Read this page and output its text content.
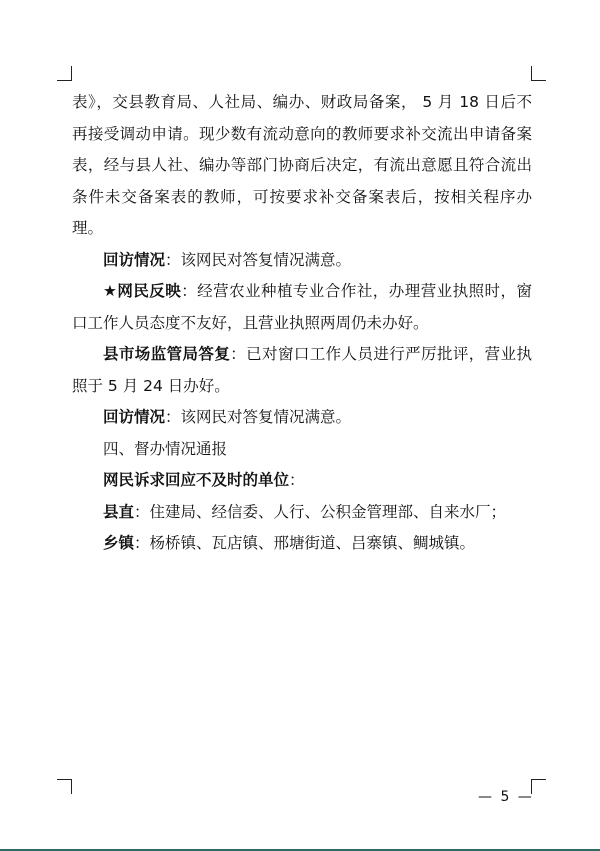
表》，交县教育局、人社局、编办、财政局备案， 5 月 18 日后不再接受调动申请。现少数有流动意向的教师要求补交流出申请备案表，经与县人社、编办等部门协商后决定，有流出意愿且符合流出条件未交备案表的教师，可按要求补交备案表后，按相关程序办理。

回访情况：该网民对答复情况满意。

★网民反映：经营农业种植专业合作社，办理营业执照时，窗口工作人员态度不友好，且营业执照两周仍未办好。

县市场监管局答复：已对窗口工作人员进行严厉批评，营业执照于 5 月 24 日办好。

回访情况：该网民对答复情况满意。

四、督办情况通报

网民诉求回应不及时的单位：

县直：住建局、经信委、人行、公积金管理部、自来水厂；

乡镇：杨桥镇、瓦店镇、邢塘街道、吕寨镇、鲷城镇。

— 5 —
